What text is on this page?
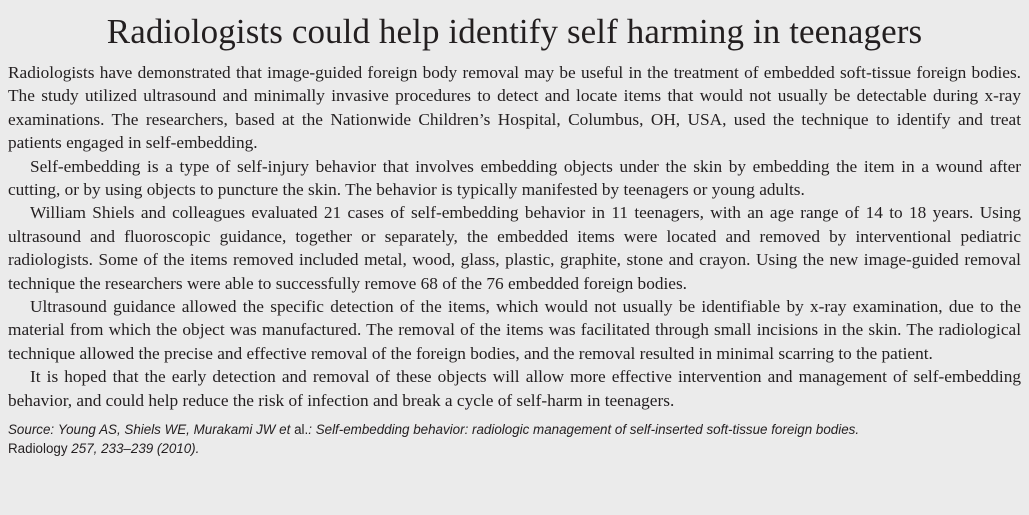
Radiologists could help identify self harming in teenagers

Radiologists have demonstrated that image-guided foreign body removal may be useful in the treatment of embedded soft-tissue foreign bodies. The study utilized ultrasound and minimally invasive procedures to detect and locate items that would not usually be detectable during x-ray examinations. The researchers, based at the Nationwide Children’s Hospital, Columbus, OH, USA, used the technique to identify and treat patients engaged in self-embedding.

Self-embedding is a type of self-injury behavior that involves embedding objects under the skin by embedding the item in a wound after cutting, or by using objects to puncture the skin. The behavior is typically manifested by teenagers or young adults.

William Shiels and colleagues evaluated 21 cases of self-embedding behavior in 11 teenagers, with an age range of 14 to 18 years. Using ultrasound and fluoroscopic guidance, together or separately, the embedded items were located and removed by interventional pediatric radiologists. Some of the items removed included metal, wood, glass, plastic, graphite, stone and crayon. Using the new image-guided removal technique the researchers were able to successfully remove 68 of the 76 embedded foreign bodies.

Ultrasound guidance allowed the specific detection of the items, which would not usually be identifiable by x-ray examination, due to the material from which the object was manufactured. The removal of the items was facilitated through small incisions in the skin. The radiological technique allowed the precise and effective removal of the foreign bodies, and the removal resulted in minimal scarring to the patient.

It is hoped that the early detection and removal of these objects will allow more effective intervention and management of self-embedding behavior, and could help reduce the risk of infection and break a cycle of self-harm in teenagers.

Source: Young AS, Shiels WE, Murakami JW et al.: Self-embedding behavior: radiologic management of self-inserted soft-tissue foreign bodies.
Radiology 257, 233–239 (2010).
